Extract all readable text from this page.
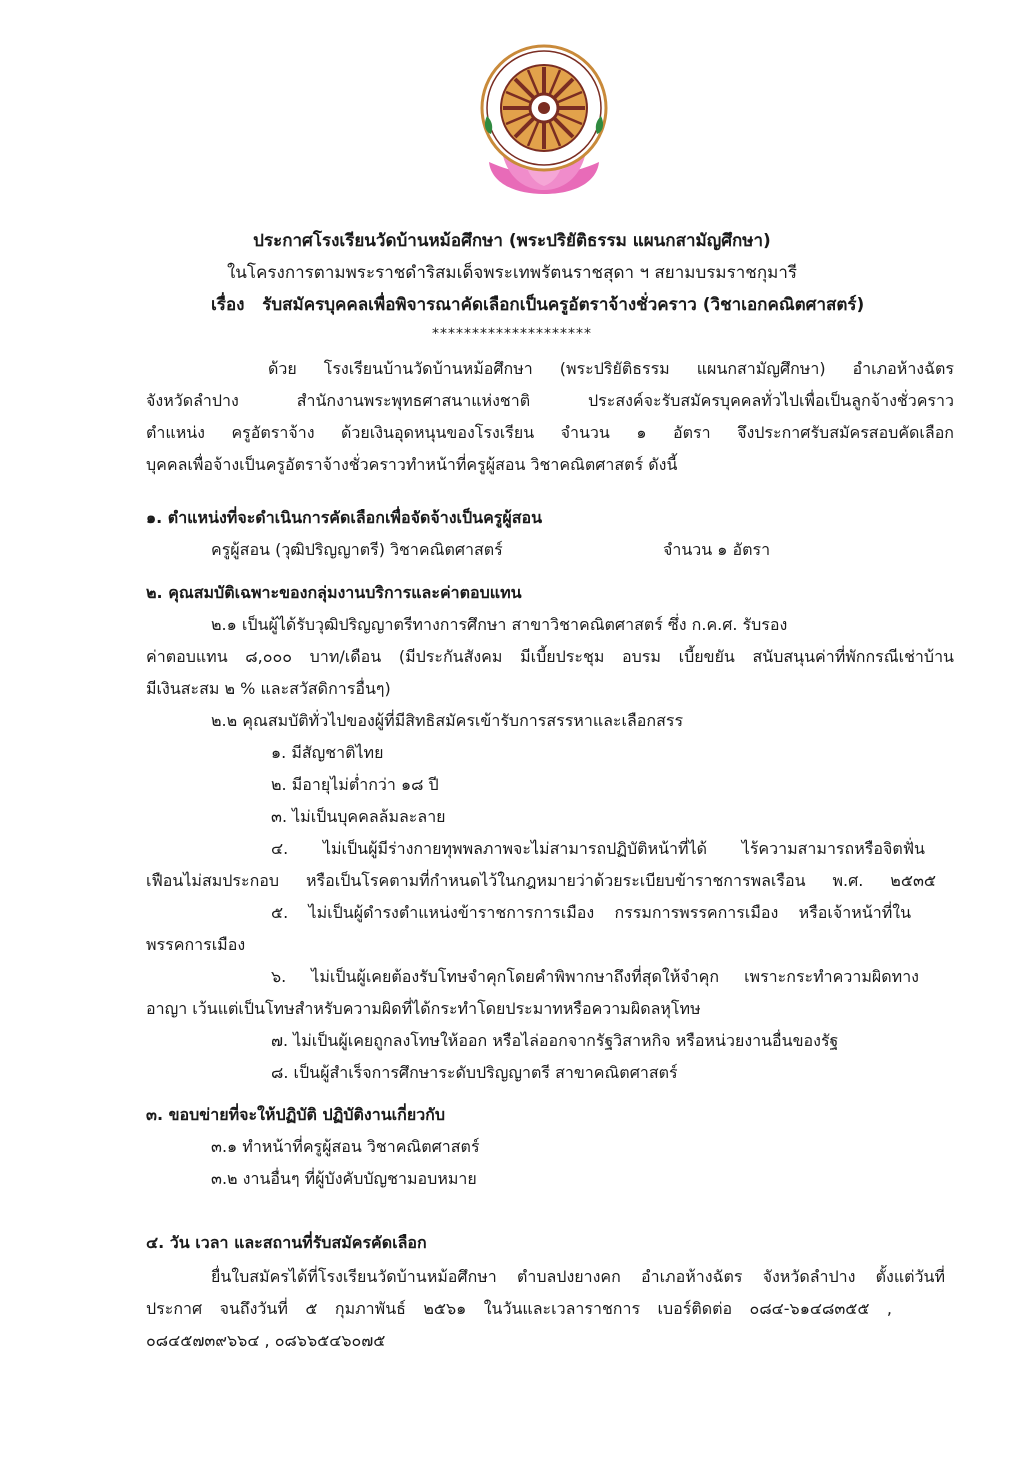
ประกาศโรงเรียนวัดบ้านหม้อศึกษา (พระปริยัติธรรม แผนกสามัญศึกษา)
ในโครงการตามพระราชดำริสมเด็จพระเทพรัตนราชสุดา ฯ สยามบรมราชกุมารี
เรื่อง รับสมัครบุคคลเพื่อพิจารณาคัดเลือกเป็นครูอัตราจ้างชั่วคราว (วิชาเอกคณิตศาสตร์)
********************
ด้วย โรงเรียนบ้านวัดบ้านหม้อศึกษา (พระปริยัติธรรม แผนกสามัญศึกษา) อำเภอห้างฉัตร
จังหวัดลำปาง สำนักงานพระพุทธศาสนาแห่งชาติ ประสงค์จะรับสมัครบุคคลทั่วไปเพื่อเป็นลูกจ้างชั่วคราว
ตำแหน่ง ครูอัตราจ้าง ด้วยเงินอุดหนุนของโรงเรียน จำนวน ๑ อัตรา จึงประกาศรับสมัครสอบคัดเลือก
บุคคลเพื่อจ้างเป็นครูอัตราจ้างชั่วคราวทำหน้าที่ครูผู้สอน วิชาคณิตศาสตร์ ดังนี้
๑. ตำแหน่งที่จะดำเนินการคัดเลือกเพื่อจัดจ้างเป็นครูผู้สอน
ครูผู้สอน (วุฒิปริญญาตรี) วิชาคณิตศาสตร์	จำนวน ๑ อัตรา
๒. คุณสมบัติเฉพาะของกลุ่มงานบริการและค่าตอบแทน
๒.๑ เป็นผู้ได้รับวุฒิปริญญาตรีทางการศึกษา สาขาวิชาคณิตศาสตร์ ซึ่ง ก.ค.ศ. รับรอง
ค่าตอบแทน ๘,๐๐๐ บาท/เดือน (มีประกันสังคม มีเบี้ยประชุม อบรม เบี้ยขยัน สนับสนุนค่าที่พักกรณีเช่าบ้าน
มีเงินสะสม ๒ % และสวัสดิการอื่นๆ)
๒.๒ คุณสมบัติทั่วไปของผู้ที่มีสิทธิสมัครเข้ารับการสรรหาและเลือกสรร
๑. มีสัญชาติไทย
๒. มีอายุไม่ต่ำกว่า ๑๘ ปี
๓. ไม่เป็นบุคคลล้มละลาย
๔. ไม่เป็นผู้มีร่างกายทุพพลภาพจะไม่สามารถปฏิบัติหน้าที่ได้ ไร้ความสามารถหรือจิตฟั่น
เฟือนไม่สมประกอบ หรือเป็นโรคตามที่กำหนดไว้ในกฎหมายว่าด้วยระเบียบข้าราชการพลเรือน พ.ศ. ๒๕๓๕
๕. ไม่เป็นผู้ดำรงตำแหน่งข้าราชการการเมือง กรรมการพรรคการเมือง หรือเจ้าหน้าที่ใน
พรรคการเมือง
๖. ไม่เป็นผู้เคยต้องรับโทษจำคุกโดยคำพิพากษาถึงที่สุดให้จำคุก เพราะกระทำความผิดทาง
อาญา เว้นแต่เป็นโทษสำหรับความผิดที่ได้กระทำโดยประมาทหรือความผิดลหุโทษ
๗. ไม่เป็นผู้เคยถูกลงโทษให้ออก หรือไล่ออกจากรัฐวิสาหกิจ หรือหน่วยงานอื่นของรัฐ
๘. เป็นผู้สำเร็จการศึกษาระดับปริญญาตรี สาขาคณิตศาสตร์
๓. ขอบข่ายที่จะให้ปฏิบัติ ปฏิบัติงานเกี่ยวกับ
๓.๑ ทำหน้าที่ครูผู้สอน วิชาคณิตศาสตร์
๓.๒ งานอื่นๆ ที่ผู้บังคับบัญชามอบหมาย
๔. วัน เวลา และสถานที่รับสมัครคัดเลือก
ยื่นใบสมัครได้ที่โรงเรียนวัดบ้านหม้อศึกษา ตำบลปงยางคก อำเภอห้างฉัตร จังหวัดลำปาง ตั้งแต่วันที่
ประกาศ จนถึงวันที่ ๕ กุมภาพันธ์ ๒๕๖๑ ในวันและเวลาราชการ เบอร์ติดต่อ ๐๘๔-๖๑๔๘๓๕๕ ,
๐๘๔๕๗๓๙๖๖๔ , ๐๘๖๖๕๔๖๐๗๕
